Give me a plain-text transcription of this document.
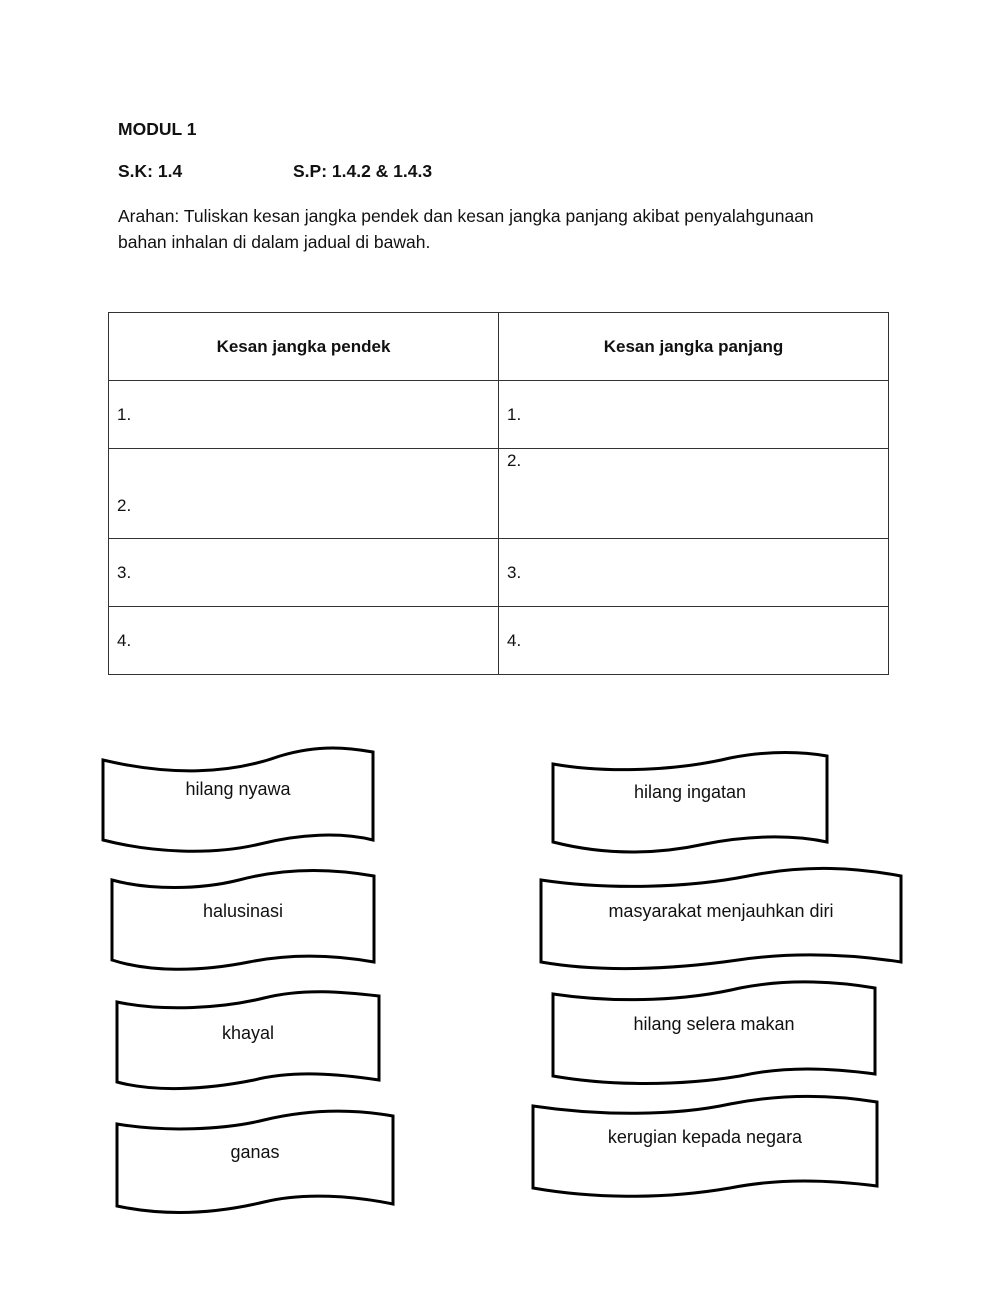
MODUL 1
S.K: 1.4	S.P: 1.4.2 & 1.4.3
Arahan: Tuliskan kesan jangka pendek dan kesan jangka panjang akibat penyalahgunaan bahan inhalan di dalam jadual di bawah.
Kesan jangka pendek	Kesan jangka panjang
1.	1.
2.	2.
3.	3.
4.	4.
hilang nyawa
halusinasi
khayal
ganas
hilang ingatan
masyarakat menjauhkan diri
hilang selera makan
kerugian kepada negara
